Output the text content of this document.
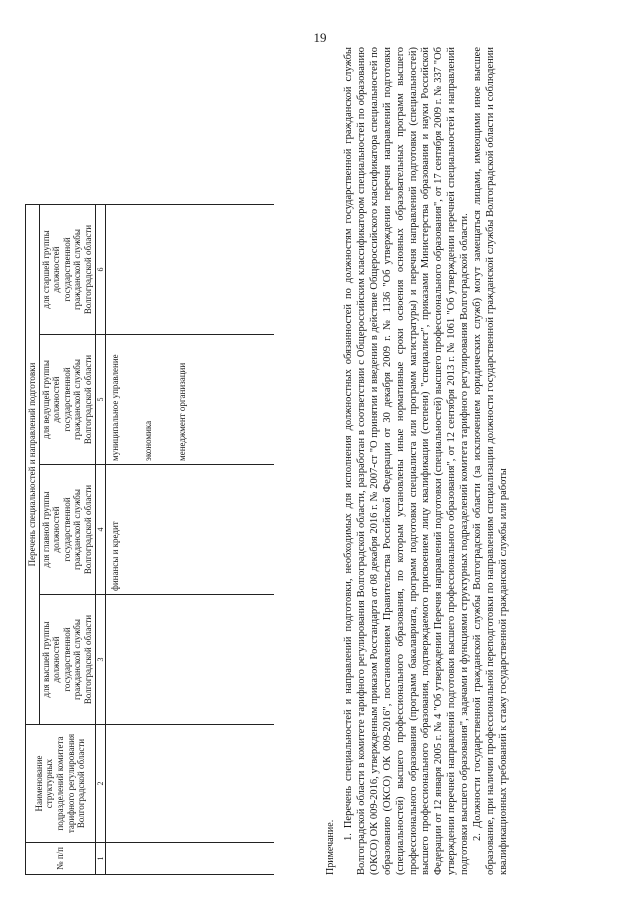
19
№ п/п	Наименование структурных подразделений комитета тарифного регулирования Волгоградской области	Перечень специальностей и направлений подготовки			

		для высшей группы должностей государственной гражданской службы Волгоградской области	для главной группы должностей государственной гражданской службы Волгоградской области	для ведущей группы должностей государственной гражданской службы Волгоградской области	для старшей группы должностей государственной гражданской службы Волгоградской области

1	2	3	4	5	6

			финансы и кредит	муниципальное управление экономика менеджмент организации	

Примечание.

1. Перечень специальностей и направлений подготовки, необходимых для исполнения должностных обязанностей по должностям государственной гражданской службы Волгоградской области в комитете тарифного регулирования Волгоградской области, разработан в соответствии с Общероссийским классификатором специальностей по образованию (ОКСО) ОК 009-2016, утвержденным приказом Росстандарта от 08 декабря 2016 г. № 2007-ст "О принятии и введении в действие Общероссийского классификатора специальностей по образованию (ОКСО) ОК 009-2016", постановлением Правительства Российской Федерации от 30 декабря 2009 г. № 1136 "Об утверждении перечня направлений подготовки (специальностей) высшего профессионального образования, по которым установлены иные нормативные сроки освоения основных образовательных программ высшего профессионального образования (программ бакалавриата, программ подготовки специалиста или программ магистратуры) и перечня направлений подготовки (специальностей) высшего профессионального образования, подтверждаемого присвоением лицу квалификации (степени) "специалист", приказами Министерства образования и науки Российской Федерации от 12 января 2005 г. № 4 "Об утверждении Перечня направлений подготовки (специальностей) высшего профессионального образования", от 17 сентября 2009 г. № 337 "Об утверждении перечней направлений подготовки высшего профессионального образования", от 12 сентября 2013 г. № 1061 "Об утверждении перечней специальностей и направлений подготовки высшего образования", задачами и функциями структурных подразделений комитета тарифного регулирования Волгоградской области. 2. Должности государственной гражданской службы Волгоградской области (за исключением юридических служб) могут замещаться лицами, имеющими иное высшее образование, при наличии профессиональной переподготовки по направлениям специализации должности государственной гражданской службы Волгоградской области и соблюдении квалификационных требований к стажу государственной гражданской службы или работы
